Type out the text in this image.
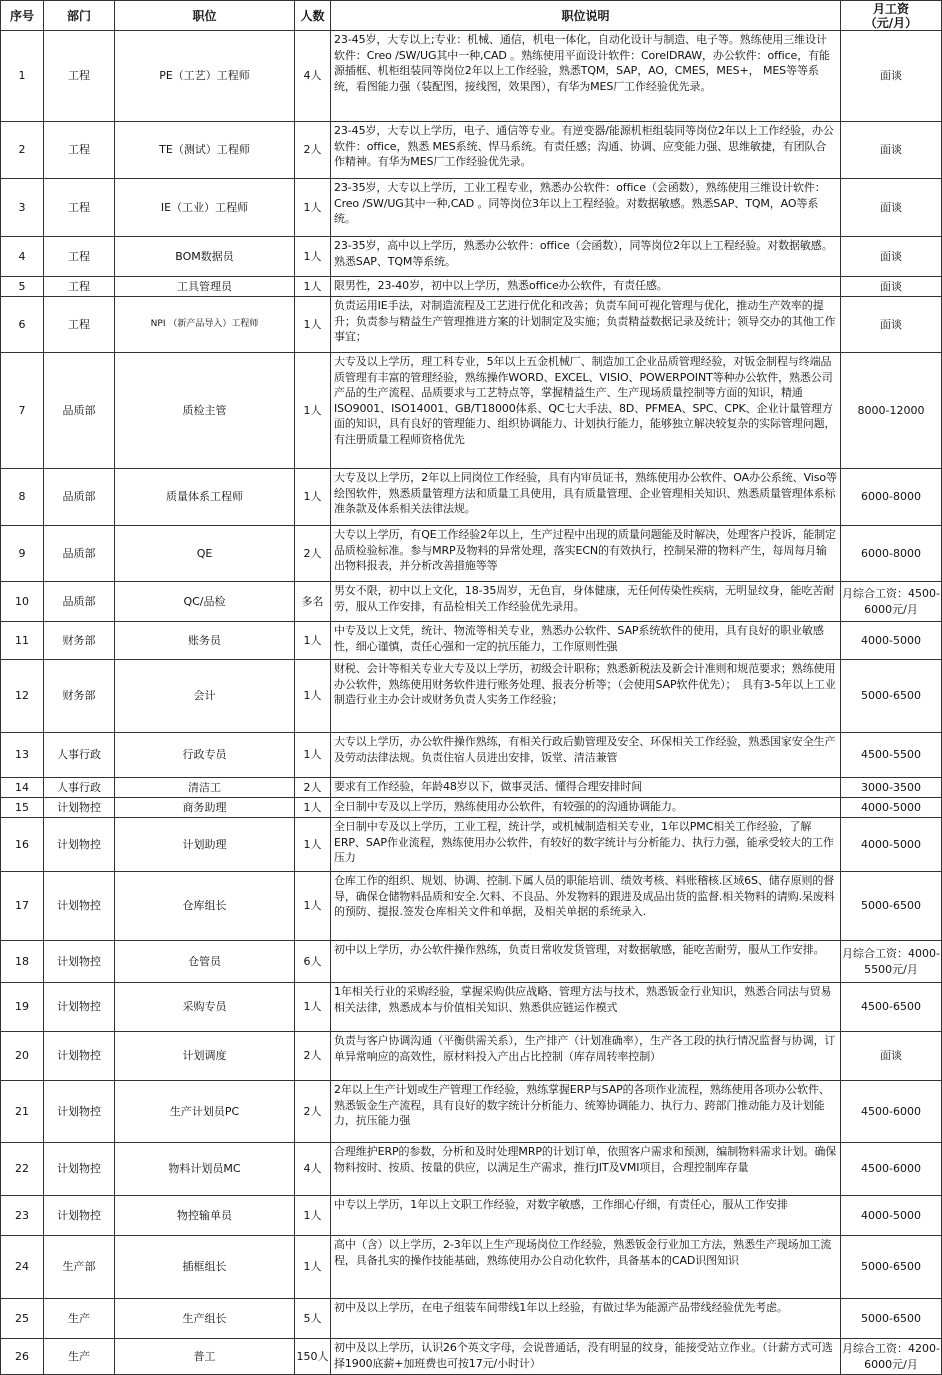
序号	部门	职位	人数	职位说明	月工资
（元/月）
1	工程	PE（工艺）工程师	4人	23-45岁，大专以上;专业：机械、通信，机电一体化，自动化设计与制造、电子等。熟练使用三维设计软件：Creo /SW/UG其中一种,CAD 。熟练使用平面设计软件：CorelDRAW，办公软件：office，有能源插框、机柜组装同等岗位2年以上工作经验，熟悉TQM，SAP，AO，CMES，MES+， MES等等系统，看图能力强（装配图，接线图，效果图），有华为MES厂工作经验优先录。	面谈
2	工程	TE（测试）工程师	2人	23-45岁，大专以上学历，电子、通信等专业。有逆变器/能源机柜组装同等岗位2年以上工作经验，办公软件：office，熟悉 MES系统、悍马系统。有责任感；沟通、协调、应变能力强、思维敏捷，有团队合作精神。有华为MES厂工作经验优先录。	面谈
3	工程	IE（工业）工程师	1人	23-35岁，大专以上学历，工业工程专业，熟悉办公软件：office（会函数），熟练使用三维设计软件：Creo /SW/UG其中一种,CAD 。同等岗位3年以上工程经验。对数据敏感。熟悉SAP、TQM，AO等系统。	面谈
4	工程	BOM数据员	1人	23-35岁，高中以上学历，熟悉办公软件：office（会函数），同等岗位2年以上工程经验。对数据敏感。熟悉SAP、TQM等系统。	面谈
5	工程	工具管理员	1人	限男性，23-40岁，初中以上学历，熟悉office办公软件，有责任感。	面谈
6	工程	NPI （新产品导入）工程师	1人	负责运用IE手法，对制造流程及工艺进行优化和改善；负责车间可视化管理与优化，推动生产效率的提升；负责参与精益生产管理推进方案的计划制定及实施；负责精益数据记录及统计；领导交办的其他工作事宜；	面谈
7	品质部	质检主管	1人	大专及以上学历，理工科专业，5年以上五金机械厂、制造加工企业品质管理经验，对钣金制程与终端品质管理有丰富的管理经验，熟练操作WORD、EXCEL、VISIO、POWERPOINT等种办公软件，熟悉公司产品的生产流程、品质要求与工艺特点等，掌握精益生产、生产现场质量控制等方面的知识，精通ISO9001、ISO14001、GB/T18000体系、QC七大手法、8D、PFMEA、SPC、CPK、企业计量管理方面的知识，具有良好的管理能力、组织协调能力、计划执行能力，能够独立解决较复杂的实际管理问题，有注册质量工程师资格优先	8000-12000
8	品质部	质量体系工程师	1人	大专及以上学历，2年以上同岗位工作经验，具有内审员证书，熟练使用办公软件、OA办公系统、Viso等绘图软件，熟悉质量管理方法和质量工具使用，具有质量管理、企业管理相关知识、熟悉质量管理体系标准条款及体系相关法律法规。	6000-8000
9	品质部	QE	2人	大专以上学历，有QE工作经验2年以上，生产过程中出现的质量问题能及时解决，处理客户投诉，能制定品质检验标准。参与MRP及物料的异常处理，落实ECN的有效执行，控制呆滞的物料产生，每周每月输出物料报表，并分析改善措施等等	6000-8000
10	品质部	QC/品检	多名	男女不限，初中以上文化，18-35周岁，无色盲，身体健康，无任何传染性疾病，无明显纹身，能吃苦耐劳，服从工作安排，有品检相关工作经验优先录用。	月综合工资：4500-6000元/月
11	财务部	账务员	1人	中专及以上文凭，统计、物流等相关专业，熟悉办公软件、SAP系统软件的使用，具有良好的职业敏感性，细心谨慎，责任心强和一定的抗压能力，工作原则性强	4000-5000
12	财务部	会计	1人	财税、会计等相关专业大专及以上学历，初级会计职称；熟悉新税法及新会计准则和规范要求；熟练使用办公软件，熟练使用财务软件进行账务处理、报表分析等；（会使用SAP软件优先）；　具有3-5年以上工业制造行业主办会计或财务负责人实务工作经验；	5000-6500
13	人事行政	行政专员	1人	大专以上学历，办公软件操作熟练，有相关行政后勤管理及安全、环保相关工作经验，熟悉国家安全生产及劳动法律法规。负责住宿人员进出安排，饭堂、清洁兼管	4500-5500
14	人事行政	清洁工	2人	要求有工作经验，年龄48岁以下，做事灵活、懂得合理安排时间	3000-3500
15	计划物控	商务助理	1人	全日制中专及以上学历，熟练使用办公软件，有较强的的沟通协调能力。	4000-5000
16	计划物控	计划助理	1人	全日制中专及以上学历，工业工程，统计学，或机械制造相关专业，1年以PMC相关工作经验，了解ERP、SAP作业流程，熟练使用办公软件，有较好的数字统计与分析能力、执行力强，能承受较大的工作压力	4000-5000
17	计划物控	仓库组长	1人	仓库工作的组织、规划、协调、控制.下属人员的职能培训、绩效考核、料账稽核.区域6S、储存原则的督导，确保仓储物料品质和安全.欠料、不良品、外发物料的跟进及成品出货的监督.相关物料的请购.呆废料的预防、提报.签发仓库相关文件和单据，及相关单据的系统录入.	5000-6500
18	计划物控	仓管员	6人	初中以上学历，办公软件操作熟练，负责日常收发货管理，对数据敏感，能吃苦耐劳，服从工作安排。	月综合工资：4000-5500元/月
19	计划物控	采购专员	1人	1年相关行业的采购经验，掌握采购供应战略、管理方法与技术，熟悉钣金行业知识，熟悉合同法与贸易相关法律，熟悉成本与价值相关知识、熟悉供应链运作模式	4500-6500
20	计划物控	计划调度	2人	负责与客户协调沟通（平衡供需关系），生产排产（计划准确率），生产各工段的执行情况监督与协调，订单异常响应的高效性，原材料投入产出占比控制（库存周转率控制）	面谈
21	计划物控	生产计划员PC	2人	2年以上生产计划或生产管理工作经验，熟练掌握ERP与SAP的各项作业流程，熟练使用各项办公软件、熟悉钣金生产流程，具有良好的数字统计分析能力、统筹协调能力、执行力、跨部门推动能力及计划能力，抗压能力强	4500-6000
22	计划物控	物料计划员MC	4人	合理维护ERP的参数，分析和及时处理MRP的计划订单，依照客户需求和预测，编制物料需求计划。确保物料按时、按质、按量的供应，以满足生产需求，推行JIT及VMI项目，合理控制库存量	4500-6000
23	计划物控	物控输单员	1人	中专以上学历，1年以上文职工作经验，对数字敏感，工作细心仔细，有责任心，服从工作安排	4000-5000
24	生产部	插框组长	1人	高中（含）以上学历，2-3年以上生产现场岗位工作经验，熟悉钣金行业加工方法，熟悉生产现场加工流程，具备扎实的操作技能基础，熟练使用办公自动化软件，具备基本的CAD识图知识	5000-6500
25	生产	生产组长	5人	初中及以上学历，在电子组装车间带线1年以上经验，有做过华为能源产品带线经验优先考虑。	5000-6500
26	生产	普工	150人	初中及以上学历，认识26个英文字母，会说普通话，没有明显的纹身，能接受站立作业。（计薪方式可选择1900底薪+加班费也可按17元/小时计）	月综合工资：4200-6000元/月
